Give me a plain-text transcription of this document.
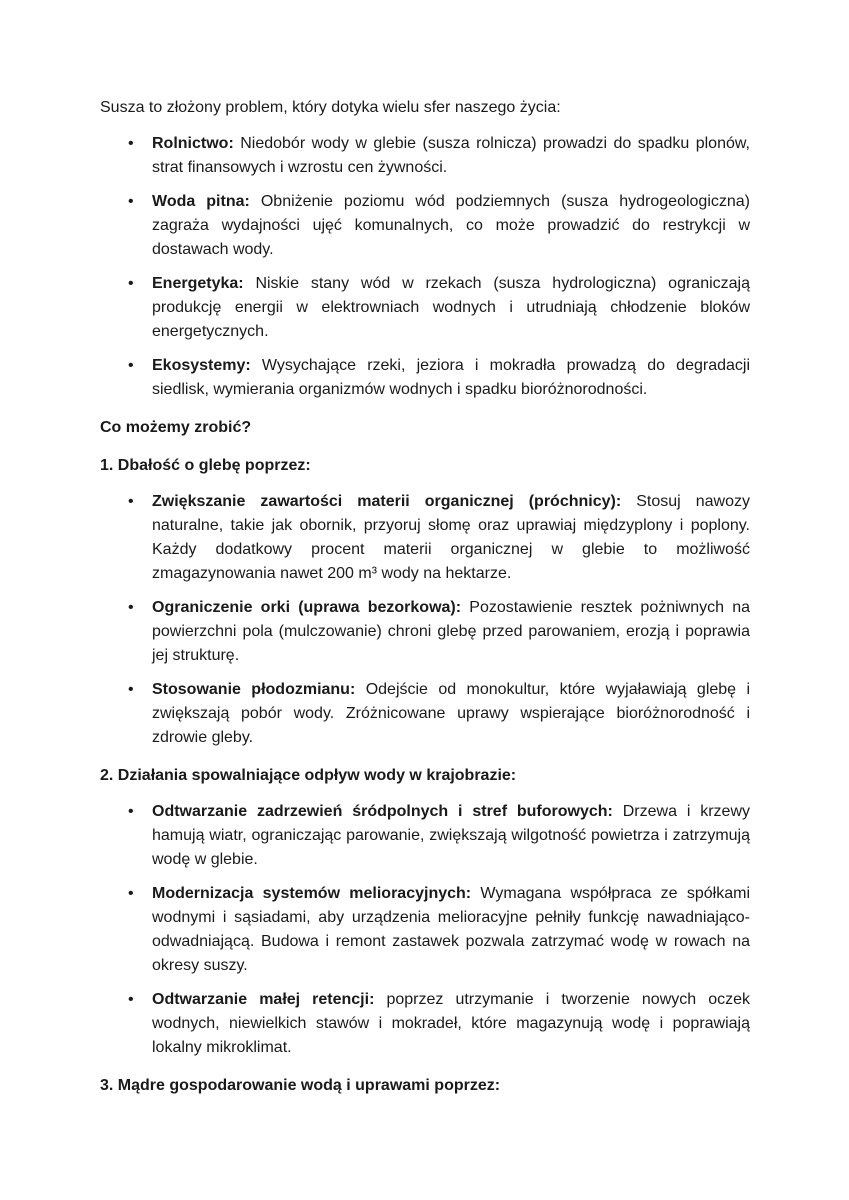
Susza to złożony problem, który dotyka wielu sfer naszego życia:

• Rolnictwo: Niedobór wody w glebie (susza rolnicza) prowadzi do spadku plonów, strat finansowych i wzrostu cen żywności.
• Woda pitna: Obniżenie poziomu wód podziemnych (susza hydrogeologiczna) zagraża wydajności ujęć komunalnych, co może prowadzić do restrykcji w dostawach wody.
• Energetyka: Niskie stany wód w rzekach (susza hydrologiczna) ograniczają produkcję energii w elektrowniach wodnych i utrudniają chłodzenie bloków energetycznych.
• Ekosystemy: Wysychające rzeki, jeziora i mokradła prowadzą do degradacji siedlisk, wymierania organizmów wodnych i spadku bioróżnorodności.

Co możemy zrobić?

1. Dbałość o glebę poprzez:

• Zwiększanie zawartości materii organicznej (próchnicy): Stosuj nawozy naturalne, takie jak obornik, przyoruj słomę oraz uprawiaj międzyplony i poplony. Każdy dodatkowy procent materii organicznej w glebie to możliwość zmagazynowania nawet 200 m³ wody na hektarze.
• Ograniczenie orki (uprawa bezorkowa): Pozostawienie resztek pożniwnych na powierzchni pola (mulczowanie) chroni glebę przed parowaniem, erozją i poprawia jej strukturę.
• Stosowanie płodozmianu: Odejście od monokultur, które wyjaławiają glebę i zwiększają pobór wody. Zróżnicowane uprawy wspierające bioróżnorodność i zdrowie gleby.

2. Działania spowalniające odpływ wody w krajobrazie:

• Odtwarzanie zadrzewień śródpolnych i stref buforowych: Drzewa i krzewy hamują wiatr, ograniczając parowanie, zwiększają wilgotność powietrza i zatrzymują wodę w glebie.
• Modernizacja systemów melioracyjnych: Wymagana współpraca ze spółkami wodnymi i sąsiadami, aby urządzenia melioracyjne pełniły funkcję nawadniająco-odwadniającą. Budowa i remont zastawek pozwala zatrzymać wodę w rowach na okresy suszy.
• Odtwarzanie małej retencji: poprzez utrzymanie i tworzenie nowych oczek wodnych, niewielkich stawów i mokradeł, które magazynują wodę i poprawiają lokalny mikroklimat.

3. Mądre gospodarowanie wodą i uprawami poprzez:
